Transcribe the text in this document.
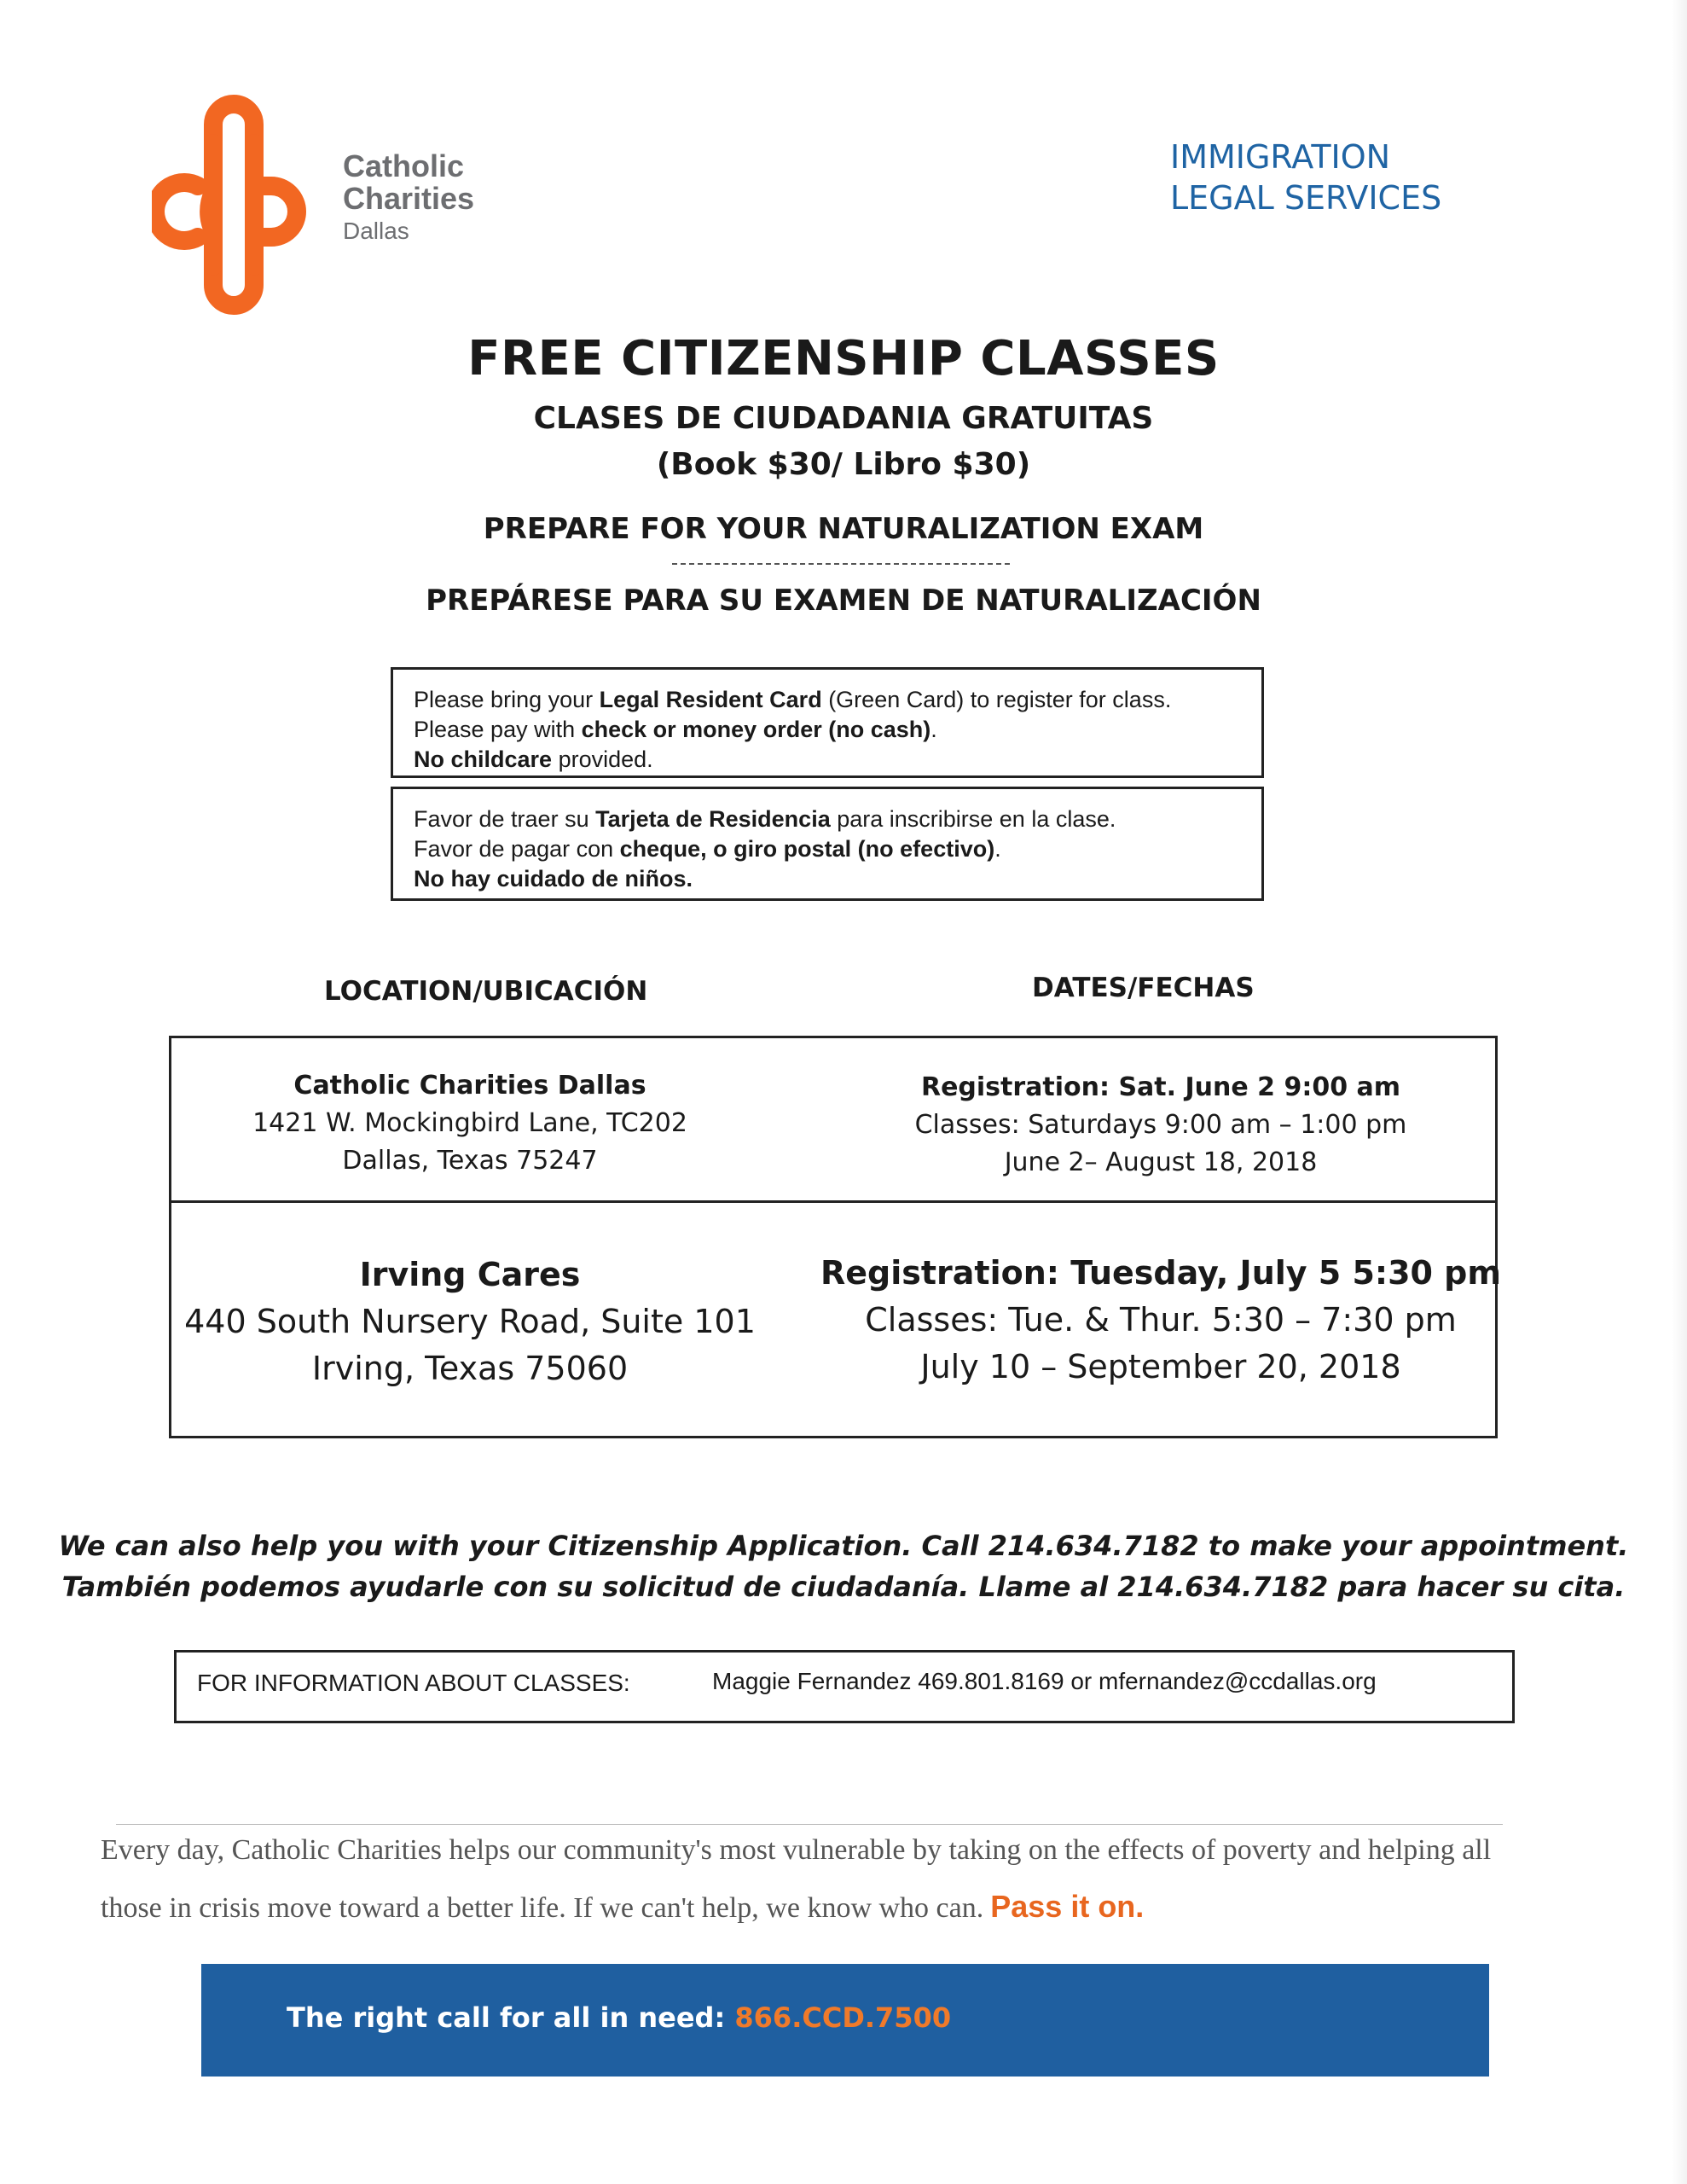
Catholic
Charities
Dallas
IMMIGRATION
LEGAL SERVICES
FREE CITIZENSHIP CLASSES
CLASES DE CIUDADANIA GRATUITAS
(Book $30/ Libro $30)
PREPARE FOR YOUR NATURALIZATION EXAM
PREPÁRESE PARA SU EXAMEN DE NATURALIZACIÓN
Please bring your Legal Resident Card (Green Card) to register for class.
Please pay with check or money order (no cash).
No childcare provided.
Favor de traer su Tarjeta de Residencia para inscribirse en la clase.
Favor de pagar con cheque, o giro postal (no efectivo).
No hay cuidado de niños.
LOCATION/UBICACIÓN	DATES/FECHAS
Catholic Charities Dallas
1421 W. Mockingbird Lane, TC202
Dallas, Texas 75247
Registration: Sat. June 2 9:00 am
Classes: Saturdays 9:00 am – 1:00 pm
June 2– August 18, 2018
Irving Cares
440 South Nursery Road, Suite 101
Irving, Texas 75060
Registration: Tuesday, July 5 5:30 pm
Classes: Tue. & Thur. 5:30 – 7:30 pm
July 10 – September 20, 2018
We can also help you with your Citizenship Application. Call 214.634.7182 to make your appointment.
También podemos ayudarle con su solicitud de ciudadanía. Llame al 214.634.7182 para hacer su cita.
FOR INFORMATION ABOUT CLASSES:	Maggie Fernandez 469.801.8169 or mfernandez@ccdallas.org
Every day, Catholic Charities helps our community's most vulnerable by taking on the effects of poverty and helping all
those in crisis move toward a better life. If we can't help, we know who can. Pass it on.
The right call for all in need: 866.CCD.7500
